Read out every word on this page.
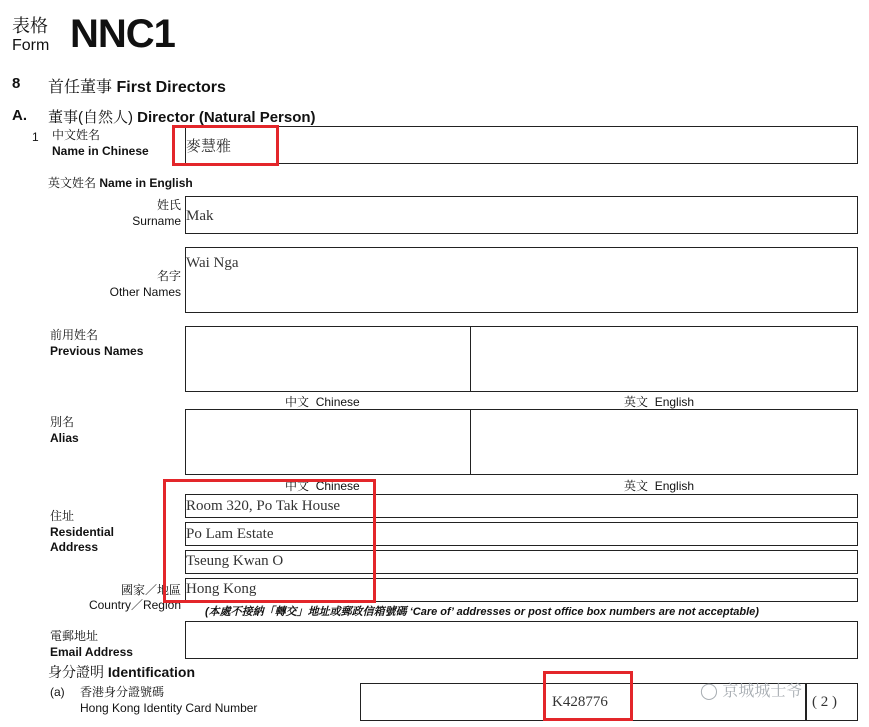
表格
Form NNC1
8 首任董事 First Directors
A. 董事(自然人) Director (Natural Person)
1 中文姓名
Name in Chinese 麥慧雅
英文姓名 Name in English
姓氏
Surname Mak
名字
Other Names
Wai Nga
前用姓名
Previous Names
中文 Chinese	英文 English
別名
Alias
中文 Chinese	英文 English
住址
Residential
Address
Room 320, Po Tak House
Po Lam Estate
Tseung Kwan O
國家／地區
Country／Region
Hong Kong
(本處不接納「轉交」地址或郵政信箱號碼 ‘Care of’ addresses or post office box numbers are not acceptable)
電郵地址
Email Address
身分證明 Identification
(a) 香港身分證號碼
Hong Kong Identity Card Number	K428776	( 2 )
◯ 京城城士爷
